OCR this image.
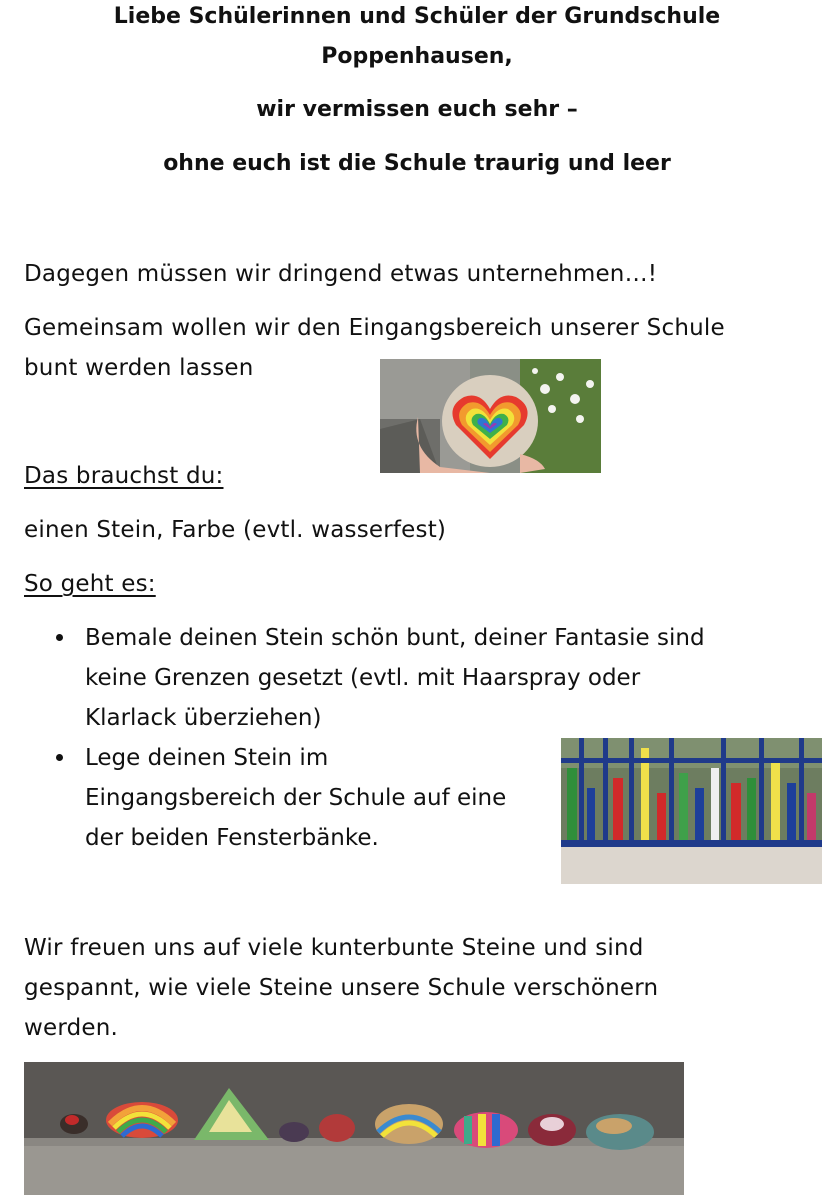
Liebe Schülerinnen und Schüler der Grundschule
Poppenhausen,
wir vermissen euch sehr –
ohne euch ist die Schule traurig und leer
Dagegen müssen wir dringend etwas unternehmen…!
Gemeinsam wollen wir den Eingangsbereich unserer Schule
bunt werden lassen
Das brauchst du:
einen Stein, Farbe (evtl. wasserfest)
So geht es:
Bemale deinen Stein schön bunt, deiner Fantasie sind
keine Grenzen gesetzt (evtl. mit Haarspray oder
Klarlack überziehen)
Lege deinen Stein im
Eingangsbereich der Schule auf eine
der beiden Fensterbänke.
Wir freuen uns auf viele kunterbunte Steine und sind
gespannt, wie viele Steine unsere Schule verschönern
werden.
